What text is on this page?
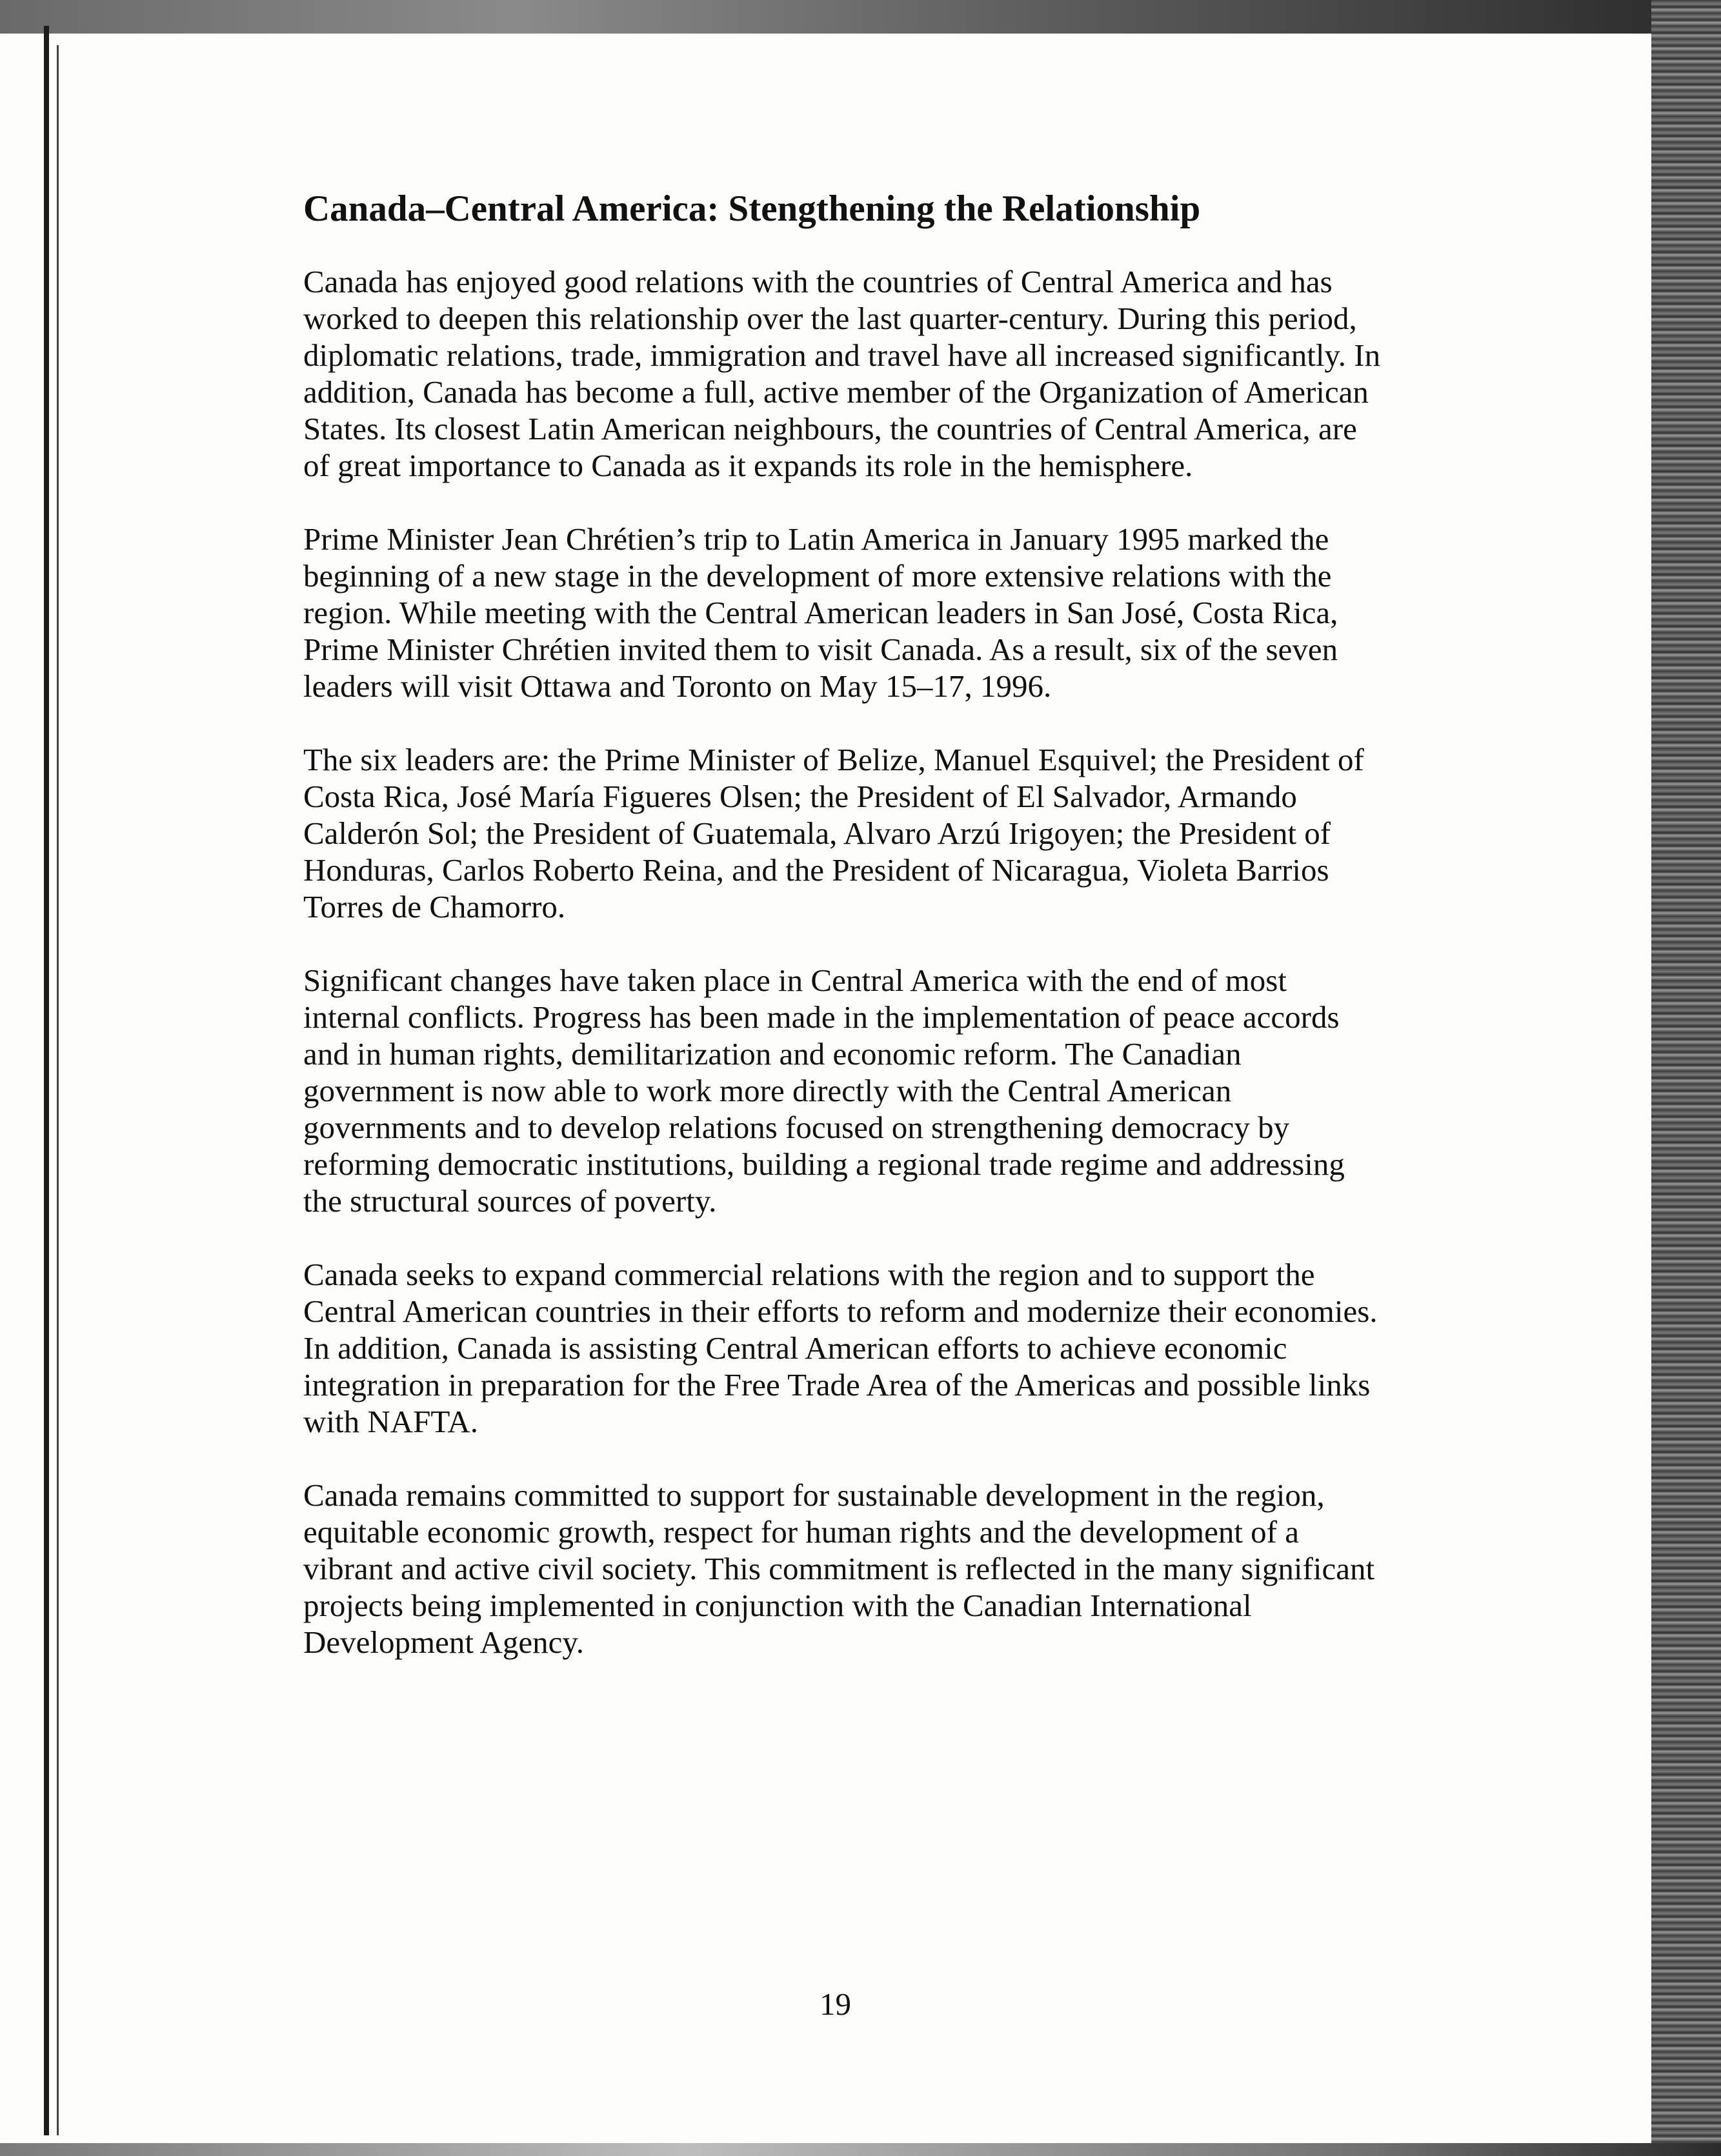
Canada–Central America: Stengthening the Relationship

Canada has enjoyed good relations with the countries of Central America and has worked to deepen this relationship over the last quarter-century. During this period, diplomatic relations, trade, immigration and travel have all increased significantly. In addition, Canada has become a full, active member of the Organization of American States. Its closest Latin American neighbours, the countries of Central America, are of great importance to Canada as it expands its role in the hemisphere.

Prime Minister Jean Chrétien’s trip to Latin America in January 1995 marked the beginning of a new stage in the development of more extensive relations with the region. While meeting with the Central American leaders in San José, Costa Rica, Prime Minister Chrétien invited them to visit Canada. As a result, six of the seven leaders will visit Ottawa and Toronto on May 15–17, 1996.

The six leaders are: the Prime Minister of Belize, Manuel Esquivel; the President of Costa Rica, José María Figueres Olsen; the President of El Salvador, Armando Calderón Sol; the President of Guatemala, Alvaro Arzú Irigoyen; the President of Honduras, Carlos Roberto Reina, and the President of Nicaragua, Violeta Barrios Torres de Chamorro.

Significant changes have taken place in Central America with the end of most internal conflicts. Progress has been made in the implementation of peace accords and in human rights, demilitarization and economic reform. The Canadian government is now able to work more directly with the Central American governments and to develop relations focused on strengthening democracy by reforming democratic institutions, building a regional trade regime and addressing the structural sources of poverty.

Canada seeks to expand commercial relations with the region and to support the Central American countries in their efforts to reform and modernize their economies. In addition, Canada is assisting Central American efforts to achieve economic integration in preparation for the Free Trade Area of the Americas and possible links with NAFTA.

Canada remains committed to support for sustainable development in the region, equitable economic growth, respect for human rights and the development of a vibrant and active civil society. This commitment is reflected in the many significant projects being implemented in conjunction with the Canadian International Development Agency.

19
